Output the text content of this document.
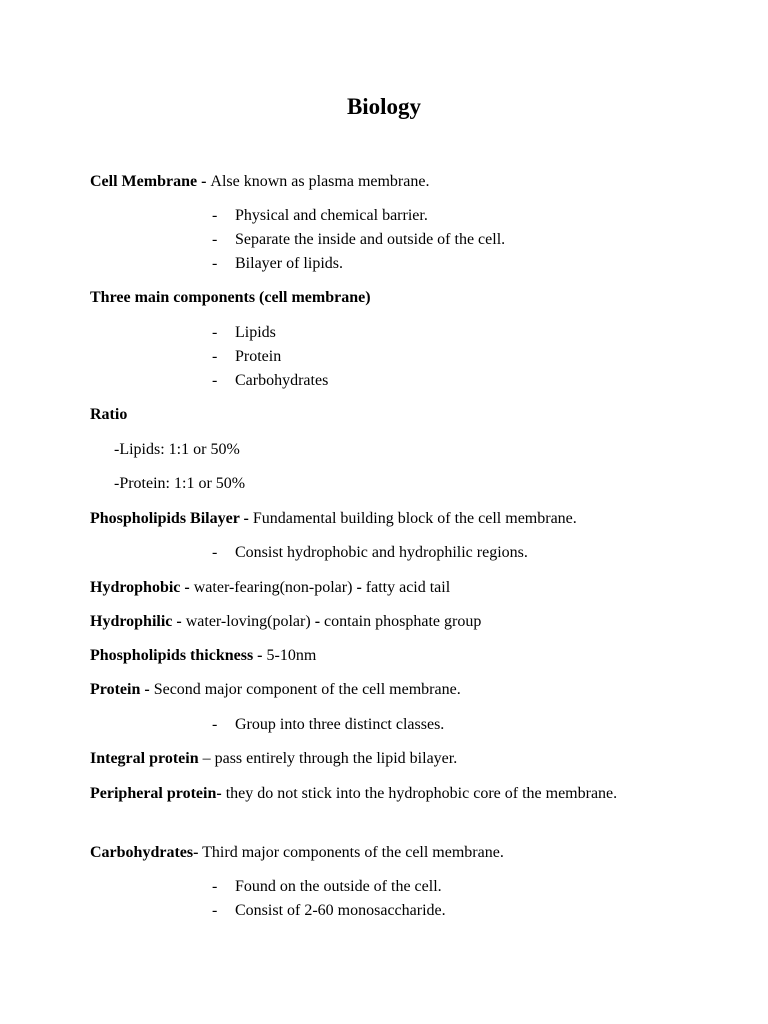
Biology
Cell Membrane - Alse known as plasma membrane.
- Physical and chemical barrier.
- Separate the inside and outside of the cell.
- Bilayer of lipids.
Three main components (cell membrane)
- Lipids
- Protein
- Carbohydrates
Ratio
-Lipids: 1:1 or 50%
-Protein: 1:1 or 50%
Phospholipids Bilayer - Fundamental building block of the cell membrane.
- Consist hydrophobic and hydrophilic regions.
Hydrophobic - water-fearing(non-polar) - fatty acid tail
Hydrophilic - water-loving(polar) - contain phosphate group
Phospholipids thickness - 5-10nm
Protein - Second major component of the cell membrane.
- Group into three distinct classes.
Integral protein – pass entirely through the lipid bilayer.
Peripheral protein- they do not stick into the hydrophobic core of the membrane.
Carbohydrates- Third major components of the cell membrane.
- Found on the outside of the cell.
- Consist of 2-60 monosaccharide.
